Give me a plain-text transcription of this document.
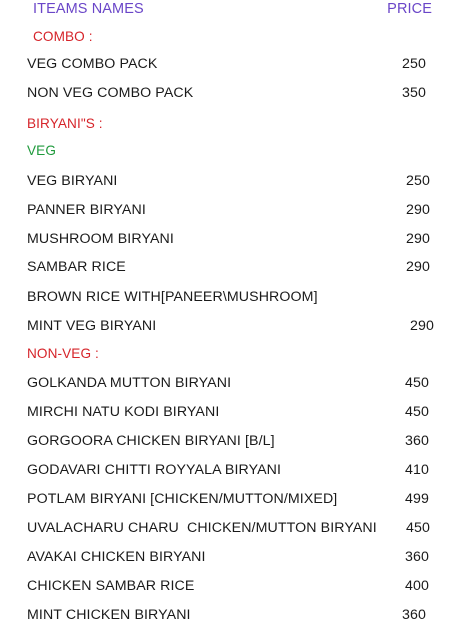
ITEAMS NAMES	PRICE
COMBO :
VEG COMBO PACK	250
NON VEG COMBO PACK	350
BIRYANI"S :
VEG
VEG BIRYANI	250
PANNER BIRYANI	290
MUSHROOM BIRYANI	290
SAMBAR RICE	290
BROWN RICE WITH[PANEER\MUSHROOM]
MINT VEG BIRYANI	290
NON-VEG :
GOLKANDA MUTTON BIRYANI	450
MIRCHI NATU KODI BIRYANI	450
GORGOORA CHICKEN BIRYANI [B/L]	360
GODAVARI CHITTI ROYYALA BIRYANI	410
POTLAM BIRYANI [CHICKEN/MUTTON/MIXED]	499
UVALACHARU CHARU  CHICKEN/MUTTON BIRYANI	450
AVAKAI CHICKEN BIRYANI	360
CHICKEN SAMBAR RICE	400
MINT CHICKEN BIRYANI	360
